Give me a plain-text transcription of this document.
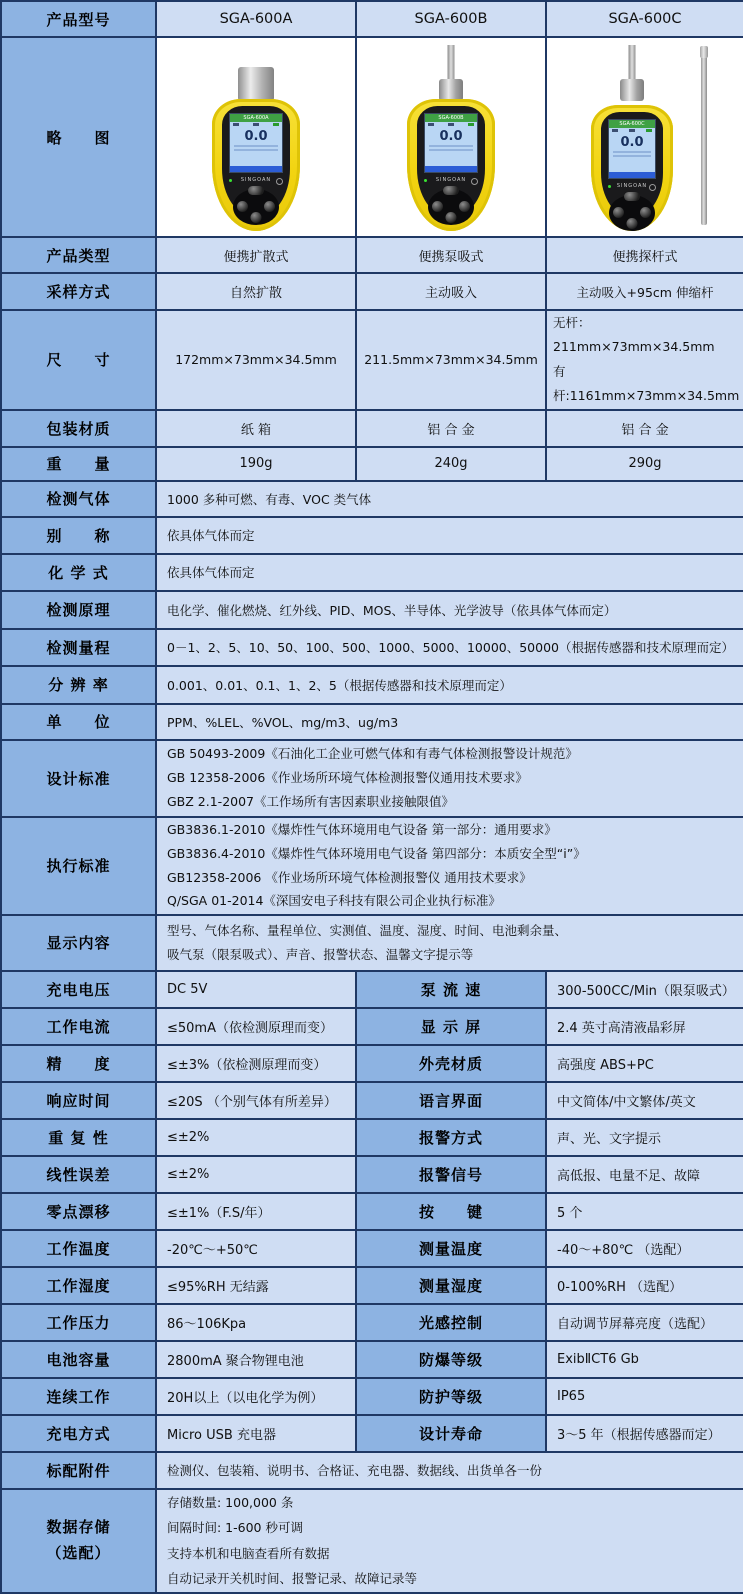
产品型号	SGA-600A	SGA-600B	SGA-600C
略　　图	
SGA-600A
0.0
SINGOAN

SGA-600B
0.0
SINGOAN

SGA-600C
0.0
SINGOAN

产品类型	便携扩散式	便携泵吸式	便携探杆式
采样方式	自然扩散	主动吸入	主动吸入+95cm 伸缩杆
尺　　寸	172mm×73mm×34.5mm	211.5mm×73mm×34.5mm	无杆：211mm×73mm×34.5mm
有杆:1161mm×73mm×34.5mm

包装材质	纸 箱	铝 合 金	铝 合 金
重　　量	190g	240g	290g
检测气体	1000 多种可燃、有毒、VOC 类气体		
别　　称	依具体气体而定		
化 学 式	依具体气体而定		
检测原理	电化学、催化燃烧、红外线、PID、MOS、半导体、光学波导（依具体气体而定）		
检测量程	0－1、2、5、10、50、100、500、1000、5000、10000、50000（根据传感器和技术原理而定）		
分 辨 率	0.001、0.01、0.1、1、2、5（根据传感器和技术原理而定）		
单　　位	PPM、%LEL、%VOL、mg/m3、ug/m3		
设计标准	GB 50493-2009《石油化工企业可燃气体和有毒气体检测报警设计规范》
GB 12358-2006《作业场所环境气体检测报警仪通用技术要求》
GBZ 2.1-2007《工作场所有害因素职业接触限值》		

执行标准	GB3836.1-2010《爆炸性气体环境用电气设备 第一部分：通用要求》
GB3836.4-2010《爆炸性气体环境用电气设备 第四部分：本质安全型“i”》
GB12358-2006 《作业场所环境气体检测报警仪 通用技术要求》
Q/SGA 01-2014《深国安电子科技有限公司企业执行标准》		

显示内容	型号、气体名称、量程单位、实测值、温度、湿度、时间、电池剩余量、
吸气泵（限泵吸式）、声音、报警状态、温馨文字提示等		

充电电压	DC 5V	泵 流 速	300-500CC/Min（限泵吸式）
工作电流	≤50mA（依检测原理而变）	显 示 屏	2.4 英寸高清液晶彩屏
精　　度	≤±3%（依检测原理而变）	外壳材质	高强度 ABS+PC
响应时间	≤20S （个别气体有所差异）	语言界面	中文简体/中文繁体/英文
重 复 性	≤±2%	报警方式	声、光、文字提示
线性误差	≤±2%	报警信号	高低报、电量不足、故障
零点漂移	≤±1%（F.S/年）	按　　键	5 个
工作温度	-20℃～+50℃	测量温度	-40～+80℃ （选配）
工作湿度	≤95%RH 无结露	测量湿度	0-100%RH （选配）
工作压力	86～106Kpa	光感控制	自动调节屏幕亮度（选配）
电池容量	2800mA 聚合物锂电池	防爆等级	ExibⅡCT6 Gb
连续工作	20H以上（以电化学为例）	防护等级	IP65
充电方式	Micro USB 充电器	设计寿命	3～5 年（根据传感器而定）
标配附件	检测仪、包装箱、说明书、合格证、充电器、数据线、出货单各一份		

数据存储
（选配）

存储数量: 100,000 条
间隔时间: 1-600 秒可调
支持本机和电脑查看所有数据
自动记录开关机时间、报警记录、故障记录等
